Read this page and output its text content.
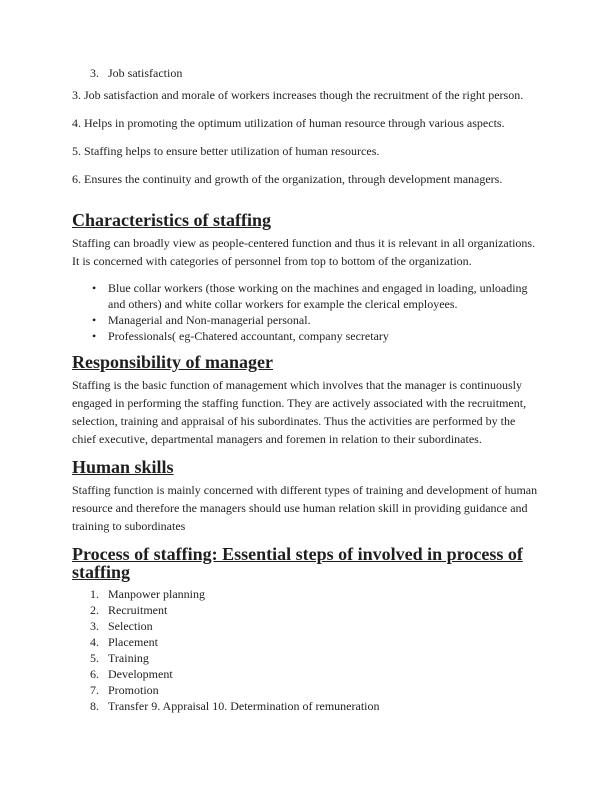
3. Job satisfaction

3. Job satisfaction and morale of workers increases though the recruitment of the right person.

4. Helps in promoting the optimum utilization of human resource through various aspects.

5. Staffing helps to ensure better utilization of human resources.

6. Ensures the continuity and growth of the organization, through development managers.

Characteristics of staffing

Staffing can broadly view as people-centered function and thus it is relevant in all organizations. It is concerned with categories of personnel from top to bottom of the organization.

• Blue collar workers (those working on the machines and engaged in loading, unloading and others) and white collar workers for example the clerical employees.
• Managerial and Non-managerial personal.
• Professionals( eg-Chatered accountant, company secretary
Responsibility of manager

Staffing is the basic function of management which involves that the manager is continuously engaged in performing the staffing function. They are actively associated with the recruitment, selection, training and appraisal of his subordinates. Thus the activities are performed by the chief executive, departmental managers and foremen in relation to their subordinates.

Human skills

Staffing function is mainly concerned with different types of training and development of human resource and therefore the managers should use human relation skill in providing guidance and training to subordinates

Process of staffing: Essential steps of involved in process of staffing
1. Manpower planning
2. Recruitment
3. Selection
4. Placement
5. Training
6. Development
7. Promotion
8. Transfer 9. Appraisal 10. Determination of remuneration
